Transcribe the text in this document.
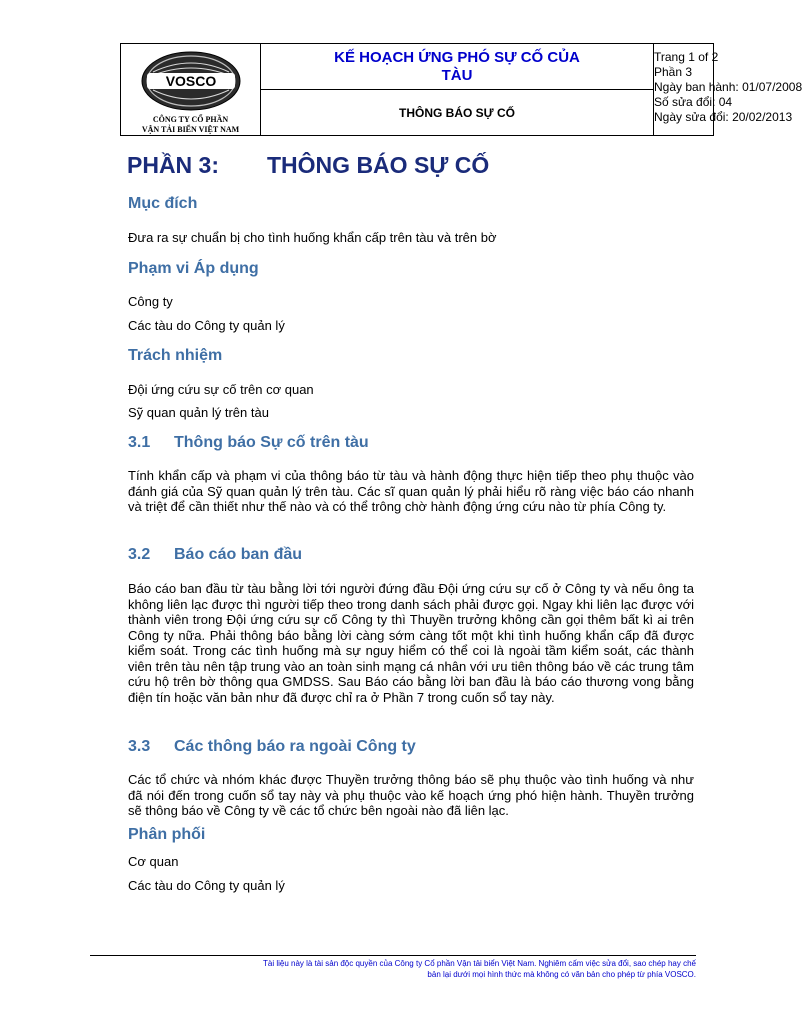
VOSCO
CÔNG TY CỔ PHẦN
VẬN TẢI BIỂN VIỆT NAM
KẾ HOẠCH ỨNG PHÓ SỰ CỐ CỦA TÀU
THÔNG BÁO SỰ CỐ
Trang 1 of 2
Phần 3
Ngày ban hành: 01/07/2008
Số sửa đổi: 04
Ngày sửa đổi: 20/02/2013
PHẦN 3: THÔNG BÁO SỰ CỐ
Mục đích
Đưa ra sự chuẩn bị cho tình huống khẩn cấp trên tàu và trên bờ
Phạm vi Áp dụng
Công ty
Các tàu do Công ty quản lý
Trách nhiệm
Đội ứng cứu sự cố trên cơ quan
Sỹ quan quản lý trên tàu
3.1 Thông báo Sự cố trên tàu
Tính khẩn cấp và phạm vi của thông báo từ tàu và hành động thực hiện tiếp theo phụ thuộc vào đánh giá của Sỹ quan quản lý trên tàu. Các sĩ quan quản lý phải hiểu rõ ràng việc báo cáo nhanh và triệt để cần thiết như thế nào và có thể trông chờ hành động ứng cứu nào từ phía Công ty.
3.2 Báo cáo ban đầu
Báo cáo ban đầu từ tàu bằng lời tới người đứng đầu Đội ứng cứu sự cố ở Công ty và nếu ông ta không liên lạc được thì người tiếp theo trong danh sách phải được gọi. Ngay khi liên lạc được với thành viên trong Đội ứng cứu sự cố Công ty thì Thuyền trưởng không cần gọi thêm bất kì ai trên Công ty nữa. Phải thông báo bằng lời càng sớm càng tốt một khi tình huống khẩn cấp đã được kiểm soát. Trong các tình huống mà sự nguy hiểm có thể coi là ngoài tầm kiểm soát, các thành viên trên tàu nên tập trung vào an toàn sinh mạng cá nhân với ưu tiên thông báo về các trung tâm cứu hộ trên bờ thông qua GMDSS. Sau Báo cáo bằng lời ban đầu là báo cáo thương vong bằng điện tín hoặc văn bản như đã được chỉ ra ở Phần 7 trong cuốn sổ tay này.
3.3 Các thông báo ra ngoài Công ty
Các tổ chức và nhóm khác được Thuyền trưởng thông báo sẽ phụ thuộc vào tình huống và như đã nói đến trong cuốn sổ tay này và phụ thuộc vào kế hoạch ứng phó hiện hành. Thuyền trưởng sẽ thông báo về Công ty về các tổ chức bên ngoài nào đã liên lạc.
Phân phối
Cơ quan
Các tàu do Công ty quản lý
Tài liệu này là tài sản độc quyền của Công ty Cổ phần Vận tải biển Việt Nam. Nghiêm cấm việc sửa đổi, sao chép hay chế
bản lại dưới mọi hình thức mà không có văn bản cho phép từ phía VOSCO.
